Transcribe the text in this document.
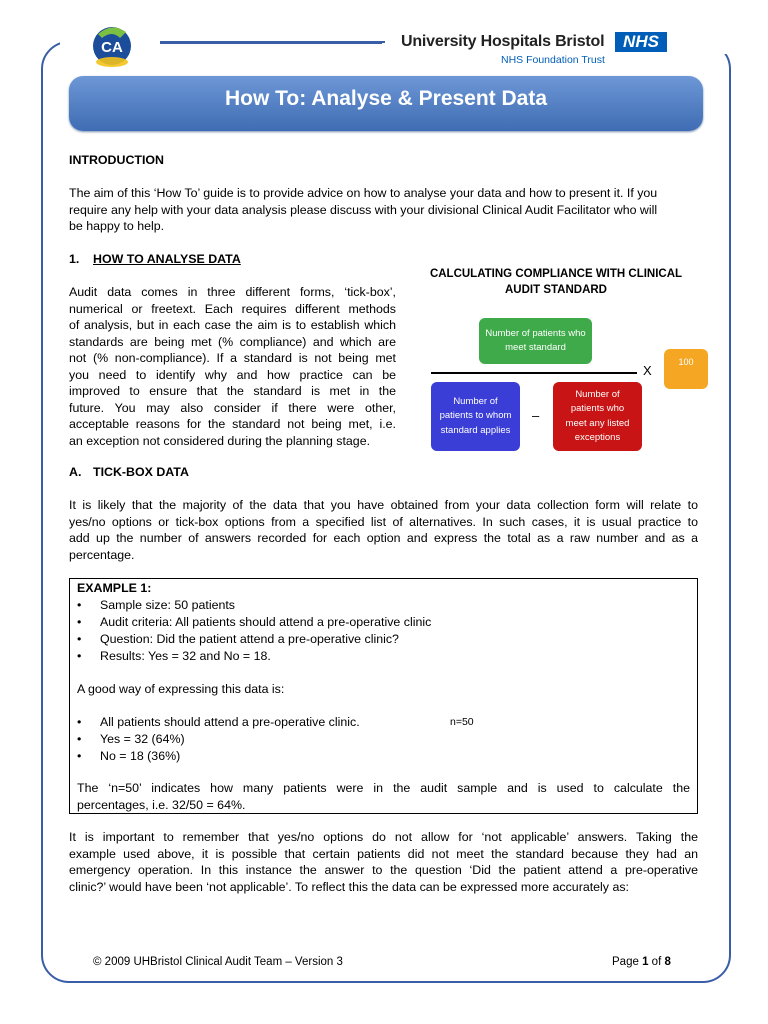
CA	University Hospitals Bristol	NHS
NHS Foundation Trust
How To: Analyse & Present Data
INTRODUCTION
The aim of this ‘How To’ guide is to provide advice on how to analyse your data and how to present it. If you
require any help with your data analysis please discuss with your divisional Clinical Audit Facilitator who will
be happy to help.
1. HOW TO ANALYSE DATA
Audit data comes in three different forms, ‘tick-box’,
numerical or freetext. Each requires different methods
of analysis, but in each case the aim is to establish which
standards are being met (% compliance) and which are
not (% non-compliance). If a standard is not being met
you need to identify why and how practice can be
improved to ensure that the standard is met in the
future. You may also consider if there were other,
acceptable reasons for the standard not being met, i.e.
an exception not considered during the planning stage.
CALCULATING COMPLIANCE WITH CLINICAL
AUDIT STANDARD
Number of patients who meet standard
X
100
Number of patients to whom standard applies
–
Number of patients who meet any listed exceptions
A. TICK-BOX DATA
It is likely that the majority of the data that you have obtained from your data collection form will relate to
yes/no options or tick-box options from a specified list of alternatives. In such cases, it is usual practice to
add up the number of answers recorded for each option and express the total as a raw number and as a
percentage.
EXAMPLE 1:
• Sample size: 50 patients
• Audit criteria: All patients should attend a pre-operative clinic
• Question: Did the patient attend a pre-operative clinic?
• Results: Yes = 32 and No = 18.
A good way of expressing this data is:
• All patients should attend a pre-operative clinic.	n=50
• Yes = 32 (64%)
• No = 18 (36%)
The ‘n=50’ indicates how many patients were in the audit sample and is used to calculate the
percentages, i.e. 32/50 = 64%.
It is important to remember that yes/no options do not allow for ‘not applicable’ answers. Taking the
example used above, it is possible that certain patients did not meet the standard because they had an
emergency operation. In this instance the answer to the question ‘Did the patient attend a pre-operative
clinic?’ would have been ‘not applicable’. To reflect this the data can be expressed more accurately as:
© 2009 UHBristol Clinical Audit Team – Version 3	Page 1 of 8
